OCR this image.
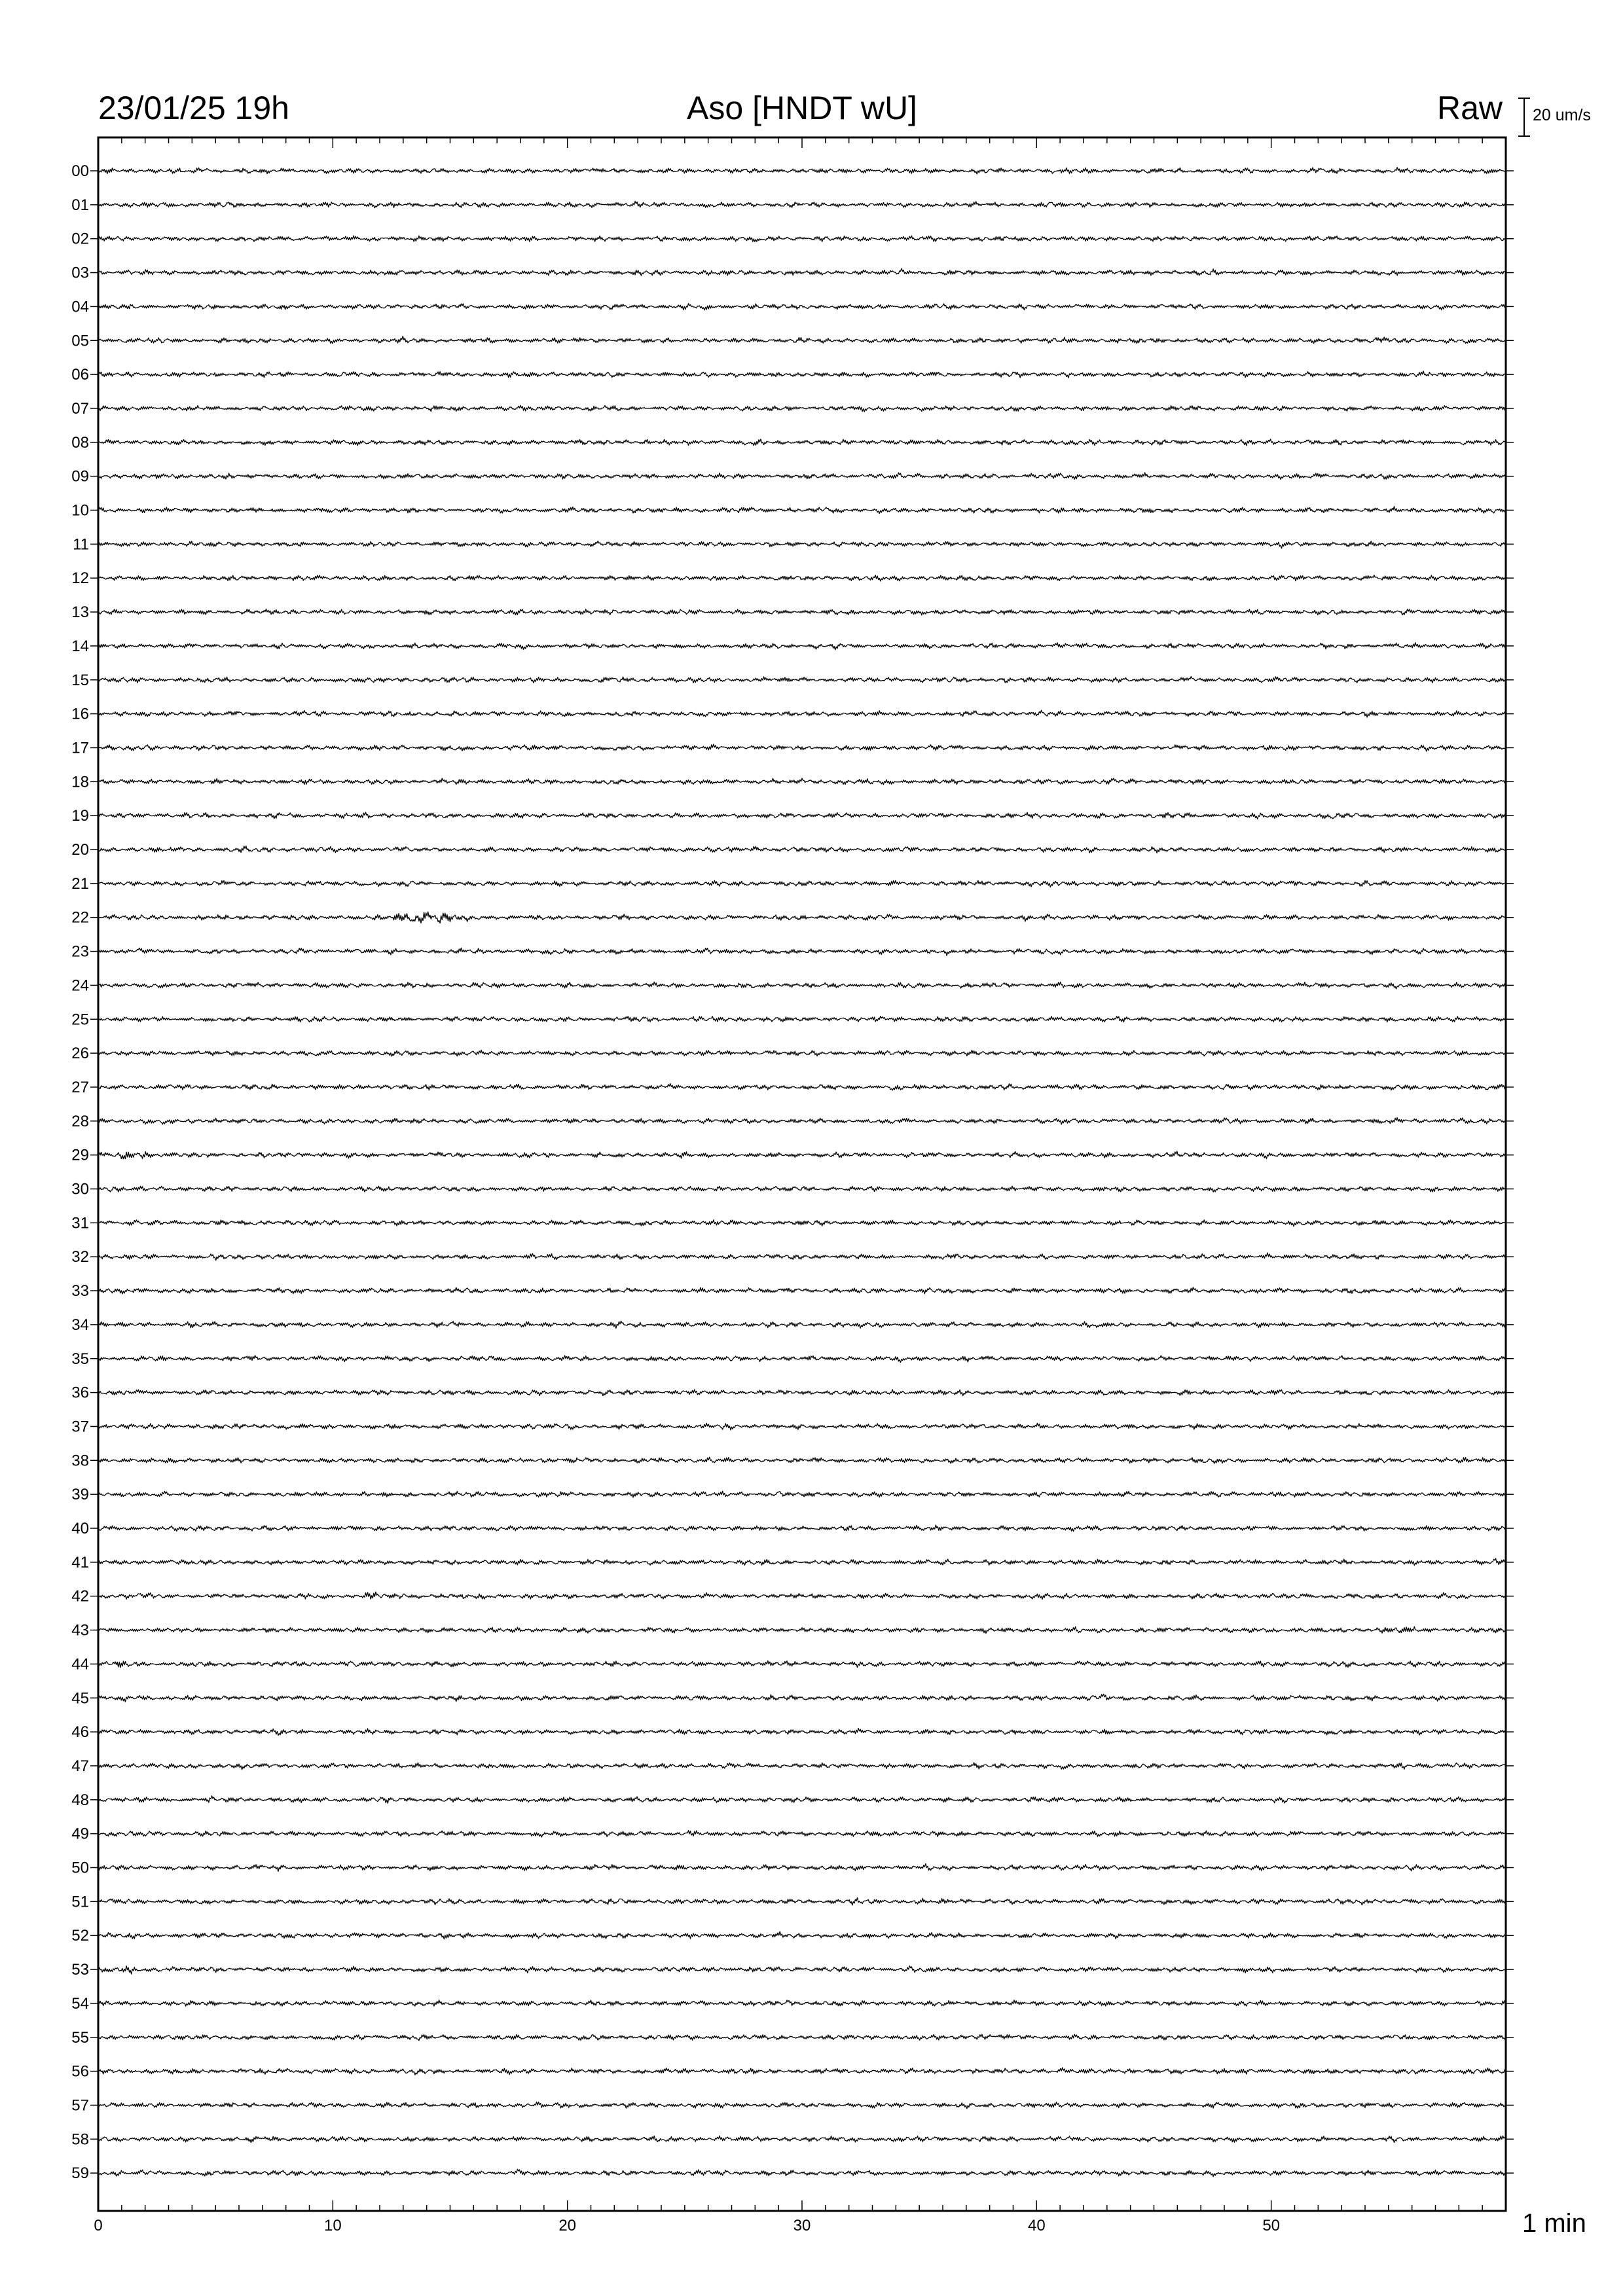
23/01/25 19h	Aso [HNDT wU]	Raw 20 um/s
1 min
00
01
02
03
04
05
06
07
08
09
10
11
12
13
14
15
16
17
18
19
20
21
22
23
24
25
26
27
28
29
30
31
32
33
34
35
36
37
38
39
40
41
42
43
44
45
46
47
48
49
50
51
52
53
54
55
56
57
58
59
0	10	20	30	40	50
